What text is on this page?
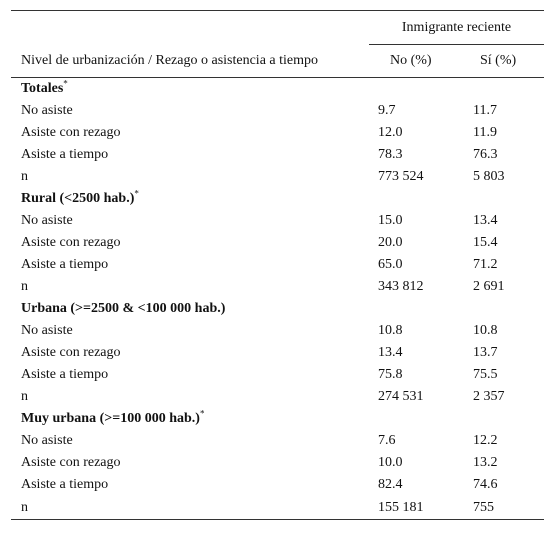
	Inmigrante reciente	
Nivel de urbanización / Rezago o asistencia a tiempo	No (%)	Sí (%)
Totales*
No asiste	9.7	11.7
Asiste con rezago	12.0	11.9
Asiste a tiempo	78.3	76.3
n	773 524	5 803
Rural (<2500 hab.)*
No asiste	15.0	13.4
Asiste con rezago	20.0	15.4
Asiste a tiempo	65.0	71.2
n	343 812	2 691
Urbana (>=2500 & <100 000 hab.)		
No asiste	10.8	10.8
Asiste con rezago	13.4	13.7
Asiste a tiempo	75.8	75.5
n	274 531	2 357
Muy urbana (>=100 000 hab.)*
No asiste	7.6	12.2
Asiste con rezago	10.0	13.2
Asiste a tiempo	82.4	74.6
n	155 181	755
